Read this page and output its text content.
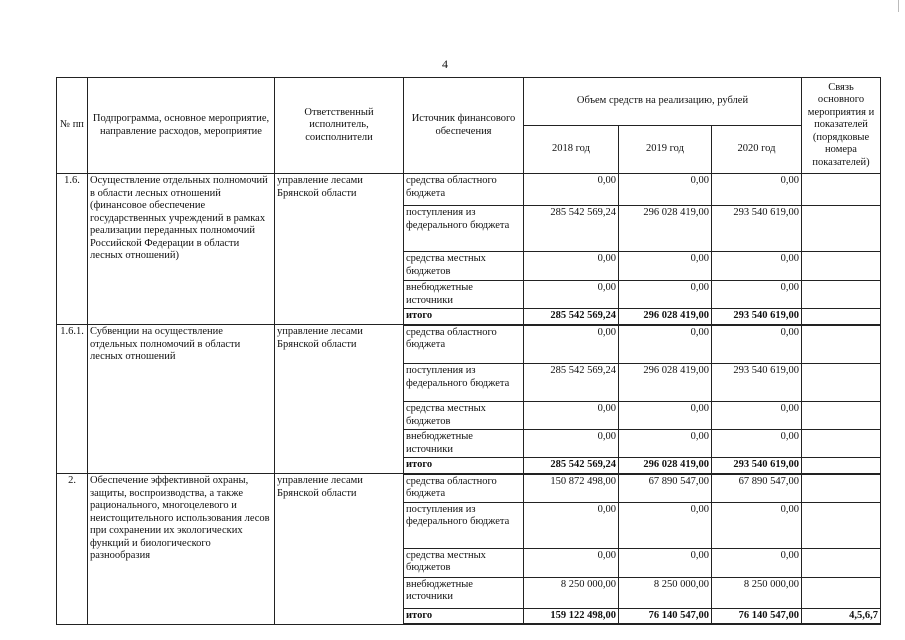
4
№ пп	Подпрограмма, основное мероприятие, направление расходов, мероприятие	Ответственный исполнитель, соисполнители	Источник финансового обеспечения	Объем средств на реализацию, рублей			Связь основного мероприятия и показателей (порядковые номера показателей)
				2018 год	2019 год	2020 год	
1.6.	Осуществление отдельных полномочий в области лесных отношений (финансовое обеспечение государственных учреждений в рамках реализации переданных полномочий Российской Федерации в области лесных отношений)	управление лесами Брянской области	средства областного бюджета	0,00	0,00	0,00	
			поступления из федерального бюджета	285 542 569,24	296 028 419,00	293 540 619,00	
			средства местных бюджетов	0,00	0,00	0,00	
			внебюджетные источники	0,00	0,00	0,00	
			итого	285 542 569,24	296 028 419,00	293 540 619,00	
1.6.1.	Субвенции на осуществление отдельных полномочий в области лесных отношений	управление лесами Брянской области	средства областного бюджета	0,00	0,00	0,00	
			поступления из федерального бюджета	285 542 569,24	296 028 419,00	293 540 619,00	
			средства местных бюджетов	0,00	0,00	0,00	
			внебюджетные источники	0,00	0,00	0,00	
			итого	285 542 569,24	296 028 419,00	293 540 619,00	
2.	Обеспечение эффективной охраны, защиты, воспроизводства, а также рационального, многоцелевого и неистощительного использования лесов при сохранении их экологических функций и биологического разнообразия	управление лесами Брянской области	средства областного бюджета	150 872 498,00	67 890 547,00	67 890 547,00	
			поступления из федерального бюджета	0,00	0,00	0,00	
			средства местных бюджетов	0,00	0,00	0,00	
			внебюджетные источники	8 250 000,00	8 250 000,00	8 250 000,00	
			итого	159 122 498,00	76 140 547,00	76 140 547,00	4,5,6,7
